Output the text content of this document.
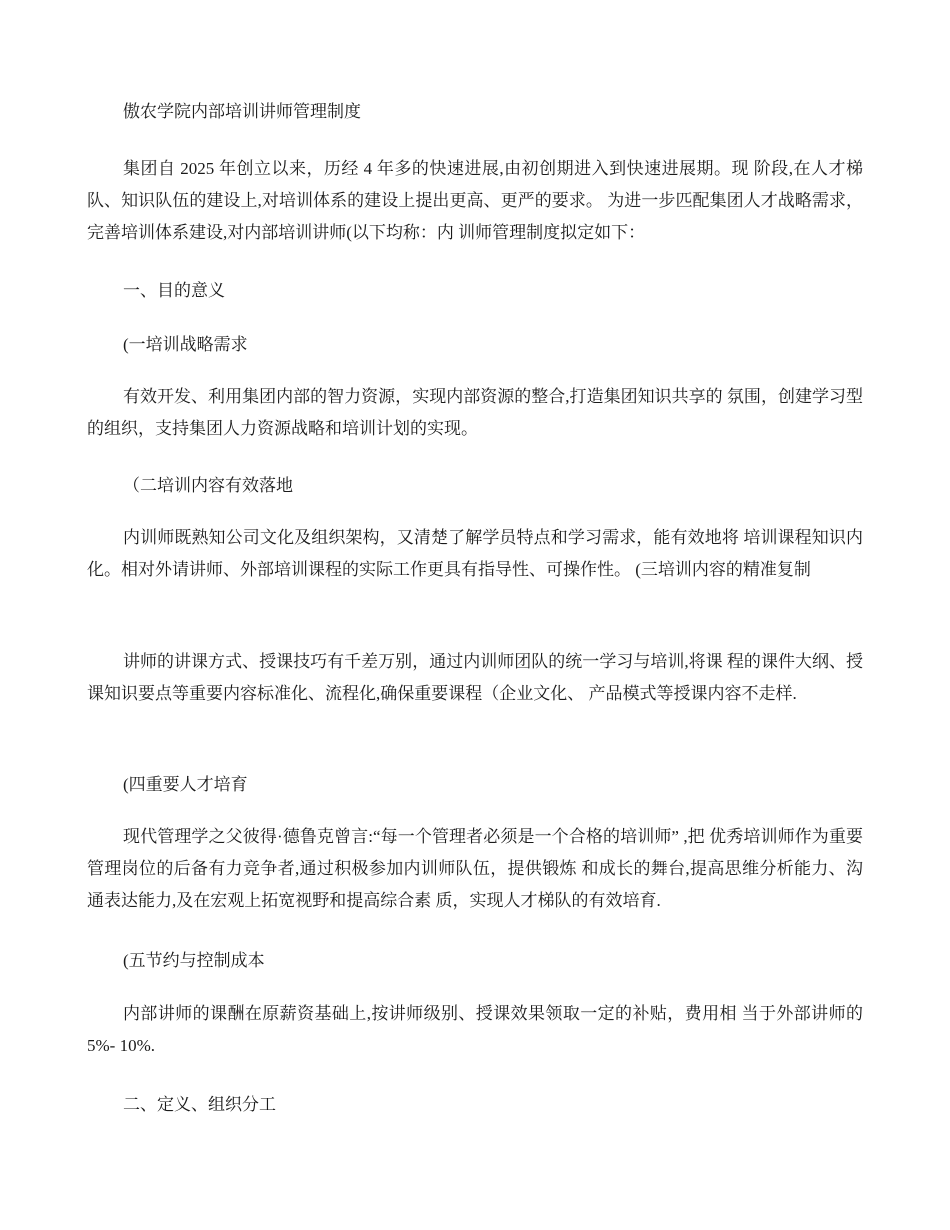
傲农学院内部培训讲师管理制度

集团自 2025 年创立以来，历经 4 年多的快速进展,由初创期进入到快速进展期。现 阶段,在人才梯队、知识队伍的建设上,对培训体系的建设上提出更高、更严的要求。 为进一步匹配集团人才战略需求，完善培训体系建设,对内部培训讲师(以下均称：内 训师管理制度拟定如下：

一、目的意义

(一培训战略需求

有效开发、利用集团内部的智力资源，实现内部资源的整合,打造集团知识共享的 氛围，创建学习型的组织，支持集团人力资源战略和培训计划的实现。

（二培训内容有效落地

内训师既熟知公司文化及组织架构，又清楚了解学员特点和学习需求，能有效地将 培训课程知识内化。相对外请讲师、外部培训课程的实际工作更具有指导性、可操作性。 (三培训内容的精准复制

讲师的讲课方式、授课技巧有千差万别，通过内训师团队的统一学习与培训,将课 程的课件大纲、授课知识要点等重要内容标准化、流程化,确保重要课程（企业文化、 产品模式等授课内容不走样.

(四重要人才培育

现代管理学之父彼得·德鲁克曾言:“每一个管理者必须是一个合格的培训师” ,把 优秀培训师作为重要管理岗位的后备有力竞争者,通过积极参加内训师队伍，提供锻炼 和成长的舞台,提高思维分析能力、沟通表达能力,及在宏观上拓宽视野和提高综合素 质，实现人才梯队的有效培育.

(五节约与控制成本

内部讲师的课酬在原薪资基础上,按讲师级别、授课效果领取一定的补贴，费用相 当于外部讲师的 5%- 10%.

二、定义、组织分工
